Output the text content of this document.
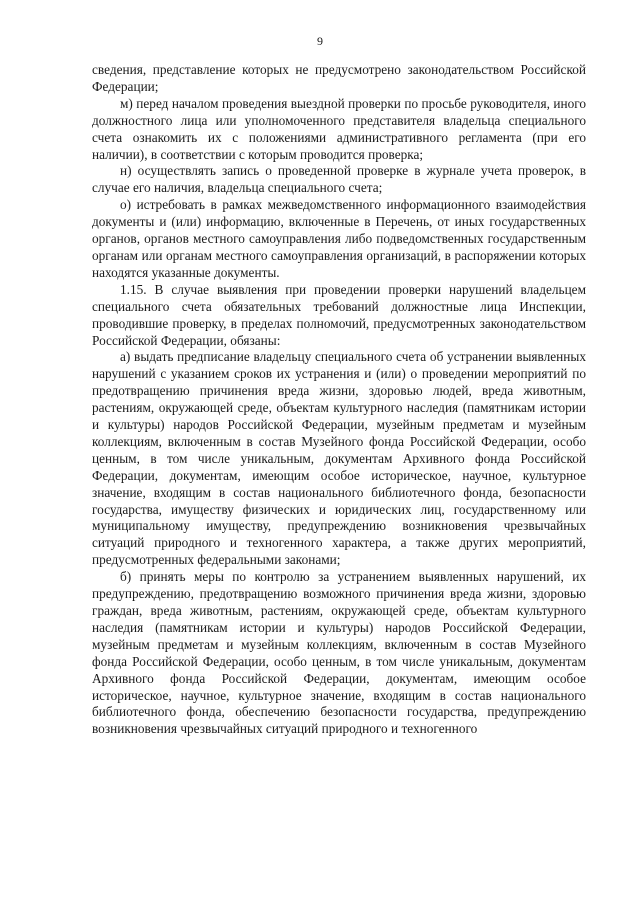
9

сведения, представление которых не предусмотрено законодательством Российской Федерации;

м) перед началом проведения выездной проверки по просьбе руководителя, иного должностного лица или уполномоченного представителя владельца специального счета ознакомить их с положениями административного регламента (при его наличии), в соответствии с которым проводится проверка;

н) осуществлять запись о проведенной проверке в журнале учета проверок, в случае его наличия, владельца специального счета;

о) истребовать в рамках межведомственного информационного взаимодействия документы и (или) информацию, включенные в Перечень, от иных государственных органов, органов местного самоуправления либо подведомственных государственным органам или органам местного самоуправления организаций, в распоряжении которых находятся указанные документы.

1.15. В случае выявления при проведении проверки нарушений владельцем специального счета обязательных требований должностные лица Инспекции, проводившие проверку, в пределах полномочий, предусмотренных законодательством Российской Федерации, обязаны:

а) выдать предписание владельцу специального счета об устранении выявленных нарушений с указанием сроков их устранения и (или) о проведении мероприятий по предотвращению причинения вреда жизни, здоровью людей, вреда животным, растениям, окружающей среде, объектам культурного наследия (памятникам истории и культуры) народов Российской Федерации, музейным предметам и музейным коллекциям, включенным в состав Музейного фонда Российской Федерации, особо ценным, в том числе уникальным, документам Архивного фонда Российской Федерации, документам, имеющим особое историческое, научное, культурное значение, входящим в состав национального библиотечного фонда, безопасности государства, имуществу физических и юридических лиц, государственному или муниципальному имуществу, предупреждению возникновения чрезвычайных ситуаций природного и техногенного характера, а также других мероприятий, предусмотренных федеральными законами;

б) принять меры по контролю за устранением выявленных нарушений, их предупреждению, предотвращению возможного причинения вреда жизни, здоровью граждан, вреда животным, растениям, окружающей среде, объектам культурного наследия (памятникам истории и культуры) народов Российской Федерации, музейным предметам и музейным коллекциям, включенным в состав Музейного фонда Российской Федерации, особо ценным, в том числе уникальным, документам Архивного фонда Российской Федерации, документам, имеющим особое историческое, научное, культурное значение, входящим в состав национального библиотечного фонда, обеспечению безопасности государства, предупреждению возникновения чрезвычайных ситуаций природного и техногенного
